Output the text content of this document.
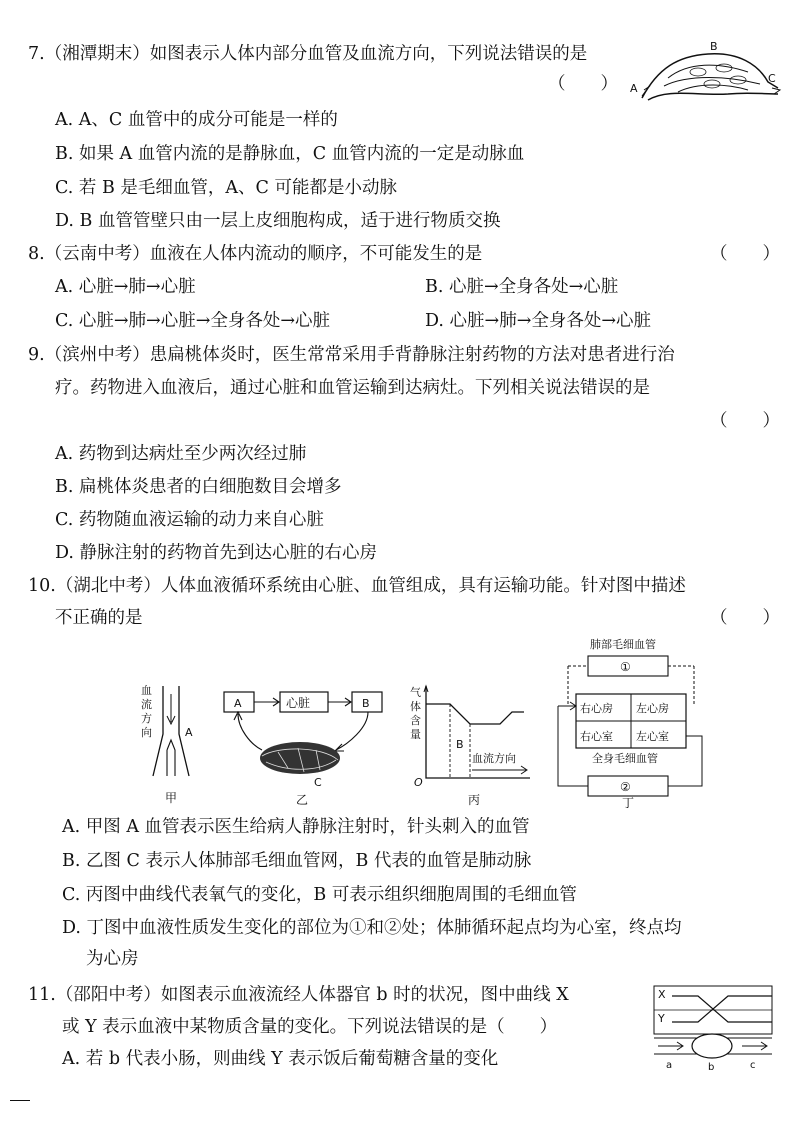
7.（湘潭期末）如图表示人体内部分血管及血流方向，下列说法错误的是
（　　）
B
A
C
A. A、C 血管中的成分可能是一样的
B. 如果 A 血管内流的是静脉血，C 血管内流的一定是动脉血
C. 若 B 是毛细血管，A、C 可能都是小动脉
D. B 血管管壁只由一层上皮细胞构成，适于进行物质交换
8.（云南中考）血液在人体内流动的顺序，不可能发生的是	（　　）
A. 心脏→肺→心脏	B. 心脏→全身各处→心脏
C. 心脏→肺→心脏→全身各处→心脏	D. 心脏→肺→全身各处→心脏
9.（滨州中考）患扁桃体炎时，医生常常采用手背静脉注射药物的方法对患者进行治
疗。药物进入血液后，通过心脏和血管运输到达病灶。下列相关说法错误的是
（　　）
A. 药物到达病灶至少两次经过肺
B. 扁桃体炎患者的白细胞数目会增多
C. 药物随血液运输的动力来自心脏
D. 静脉注射的药物首先到达心脏的右心房
10.（湖北中考）人体血液循环系统由心脏、血管组成，具有运输功能。针对图中描述
不正确的是	（　　）
血
流
方
向	A
甲
A	心脏	B
C
乙
气
体
含
量
B
血流方向
O
丙
肺部毛细血管
①
右心房 左心房
右心室 左心室
全身毛细血管
②
丁
A. 甲图 A 血管表示医生给病人静脉注射时，针头刺入的血管
B. 乙图 C 表示人体肺部毛细血管网，B 代表的血管是肺动脉
C. 丙图中曲线代表氧气的变化，B 可表示组织细胞周围的毛细血管
D. 丁图中血液性质发生变化的部位为①和②处；体肺循环起点均为心室，终点均
为心房
11.（邵阳中考）如图表示血液流经人体器官 b 时的状况，图中曲线 X
或 Y 表示血液中某物质含量的变化。下列说法错误的是（　　）
A. 若 b 代表小肠，则曲线 Y 表示饭后葡萄糖含量的变化
X
Y
a	b	c
